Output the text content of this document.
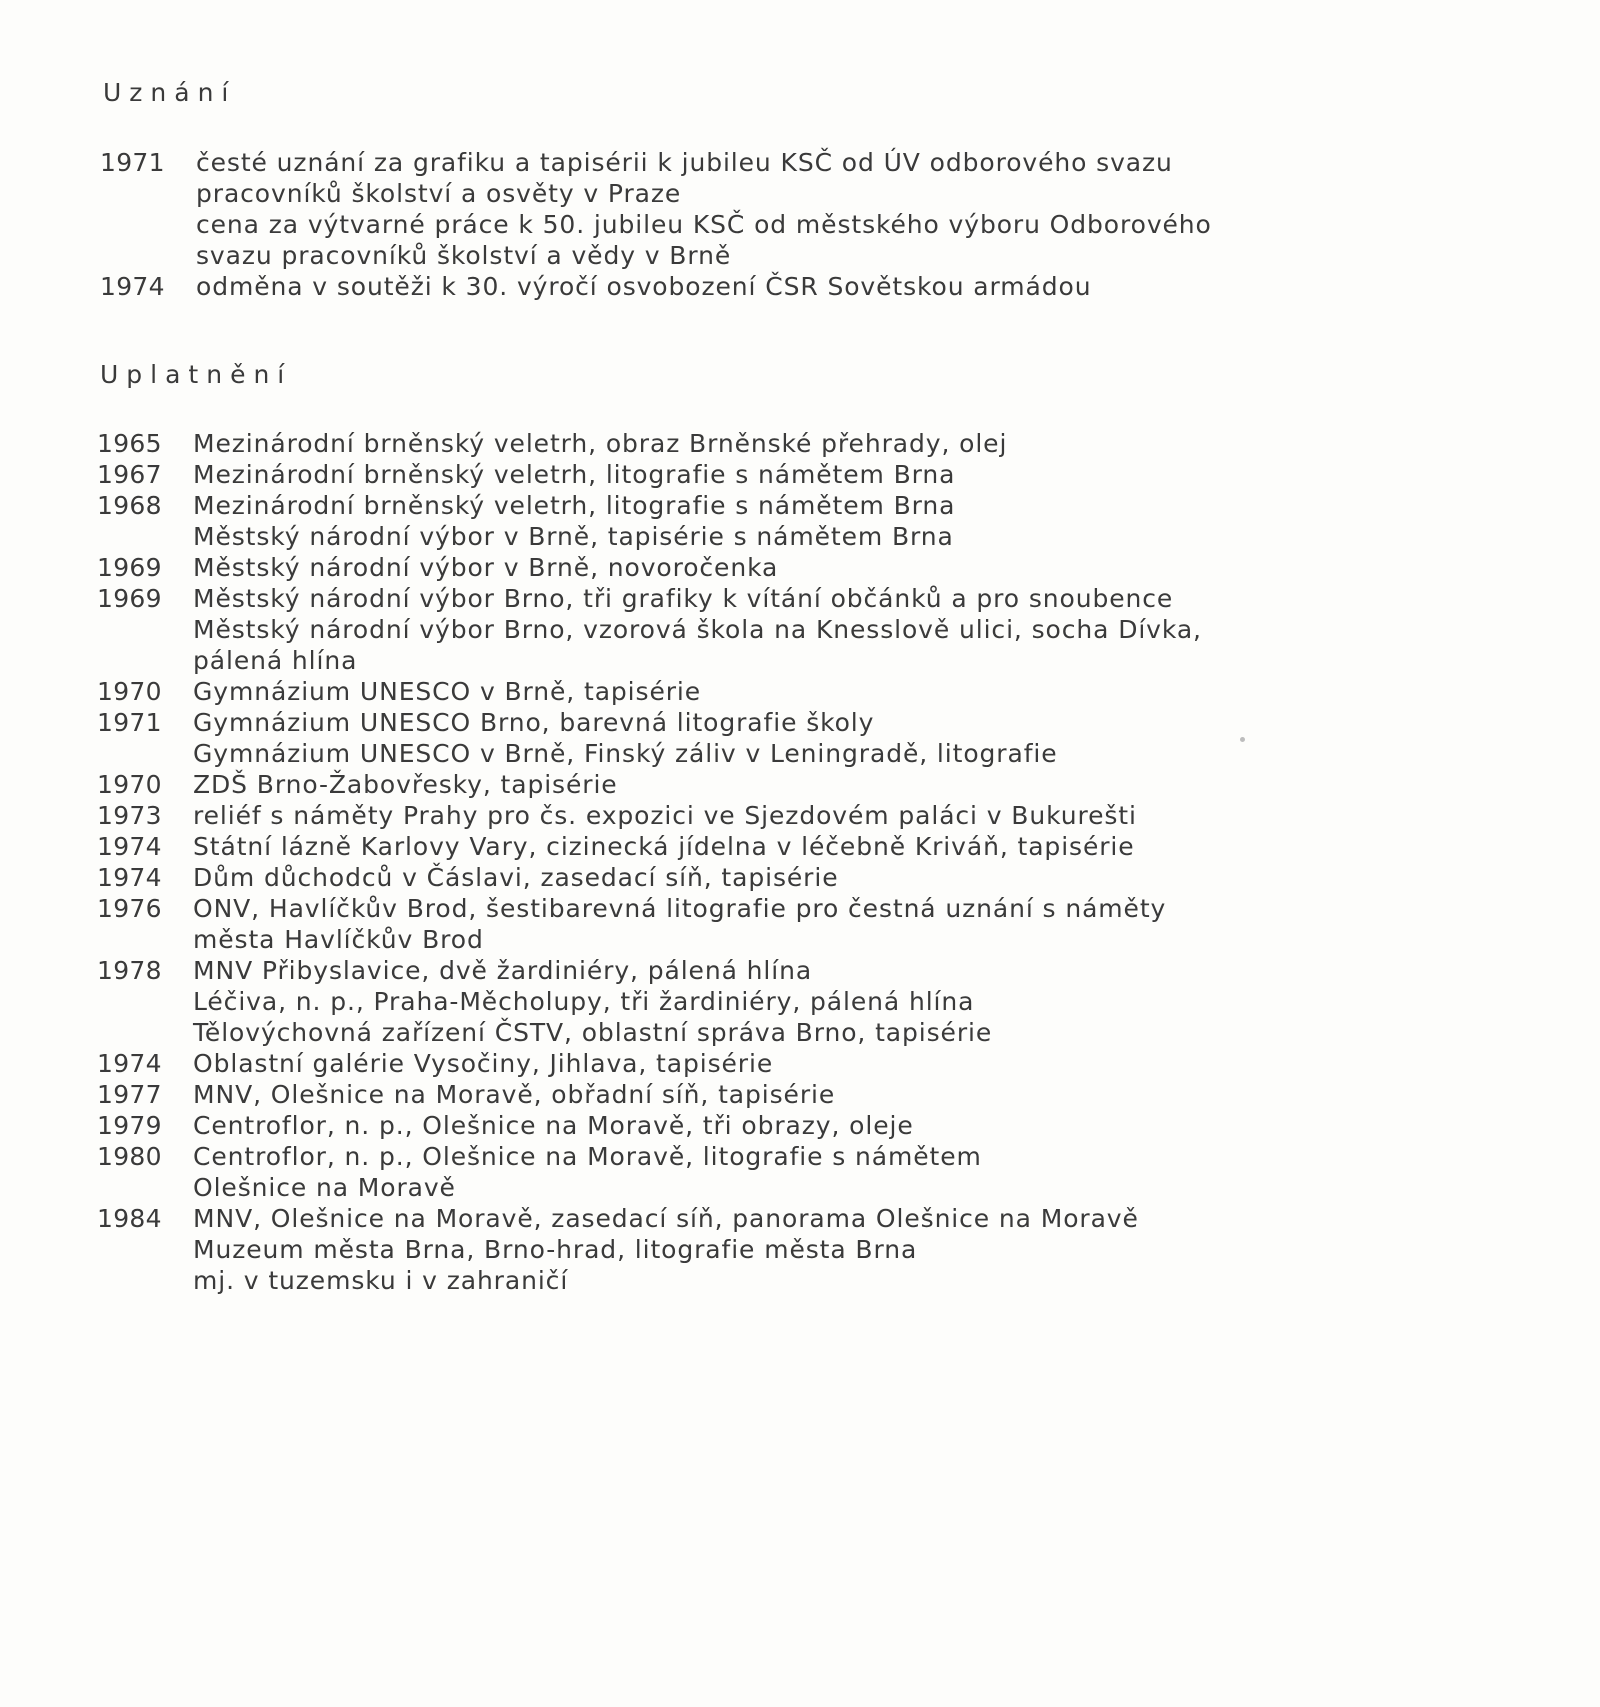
Uznání
1971	česté uznání za grafiku a tapisérii k jubileu KSČ od ÚV odborového svazu
pracovníků školství a osvěty v Praze
cena za výtvarné práce k 50. jubileu KSČ od městského výboru Odborového
svazu pracovníků školství a vědy v Brně
1974	odměna v soutěži k 30. výročí osvobození ČSR Sovětskou armádou
Uplatnění
1965	Mezinárodní brněnský veletrh, obraz Brněnské přehrady, olej
1967	Mezinárodní brněnský veletrh, litografie s námětem Brna
1968	Mezinárodní brněnský veletrh, litografie s námětem Brna
Městský národní výbor v Brně, tapisérie s námětem Brna
1969	Městský národní výbor v Brně, novoročenka
1969	Městský národní výbor Brno, tři grafiky k vítání občánků a pro snoubence
Městský národní výbor Brno, vzorová škola na Knesslově ulici, socha Dívka,
pálená hlína
1970	Gymnázium UNESCO v Brně, tapisérie
1971	Gymnázium UNESCO Brno, barevná litografie školy
Gymnázium UNESCO v Brně, Finský záliv v Leningradě, litografie
1970	ZDŠ Brno-Žabovřesky, tapisérie
1973	reliéf s náměty Prahy pro čs. expozici ve Sjezdovém paláci v Bukurešti
1974	Státní lázně Karlovy Vary, cizinecká jídelna v léčebně Kriváň, tapisérie
1974	Dům důchodců v Čáslavi, zasedací síň, tapisérie
1976	ONV, Havlíčkův Brod, šestibarevná litografie pro čestná uznání s náměty
města Havlíčkův Brod
1978	MNV Přibyslavice, dvě žardiniéry, pálená hlína
Léčiva, n. p., Praha-Měcholupy, tři žardiniéry, pálená hlína
Tělovýchovná zařízení ČSTV, oblastní správa Brno, tapisérie
1974	Oblastní galérie Vysočiny, Jihlava, tapisérie
1977	MNV, Olešnice na Moravě, obřadní síň, tapisérie
1979	Centroflor, n. p., Olešnice na Moravě, tři obrazy, oleje
1980	Centroflor, n. p., Olešnice na Moravě, litografie s námětem
Olešnice na Moravě
1984	MNV, Olešnice na Moravě, zasedací síň, panorama Olešnice na Moravě
Muzeum města Brna, Brno-hrad, litografie města Brna
mj. v tuzemsku i v zahraničí
